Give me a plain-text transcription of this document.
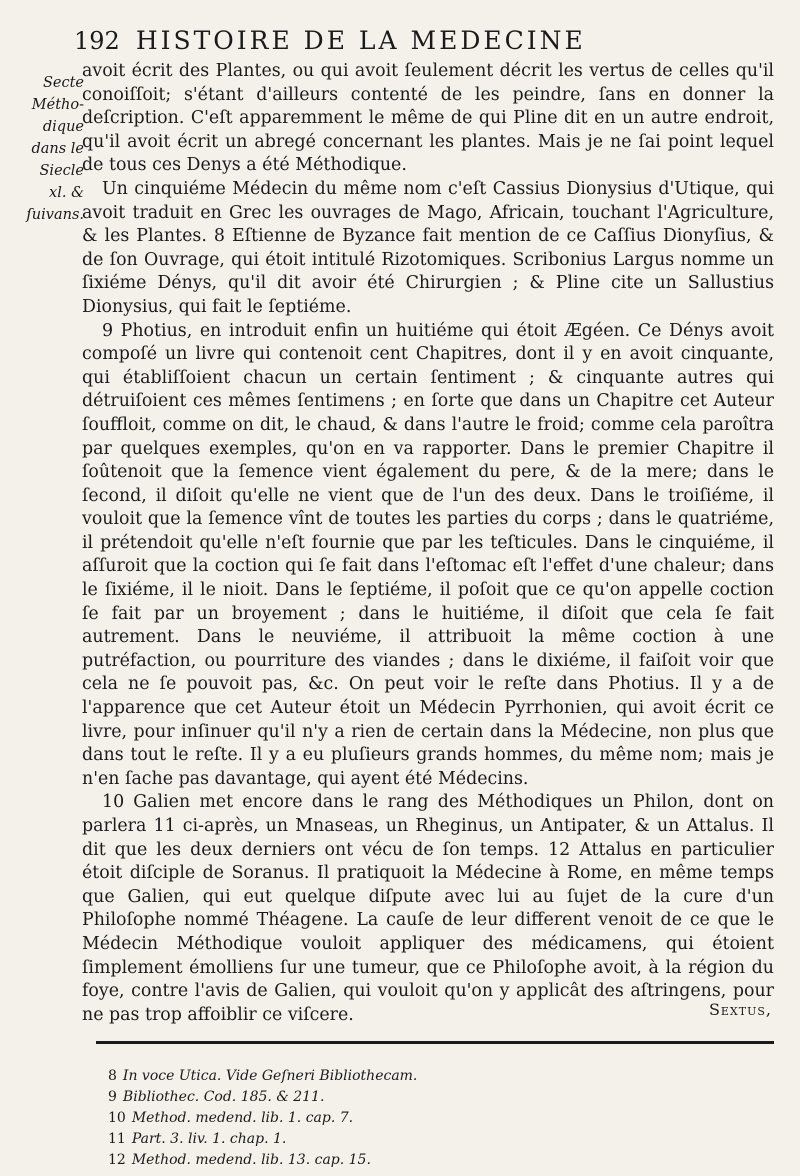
192 HISTOIRE DE LA MEDECINE
Secte
Métho-
dique
dans le
Siecle
xl. &
ſuivans.

avoit écrit des Plantes, ou qui avoit ſeulement décrit les vertus de celles qu'il conoiſſoit; s'étant d'ailleurs contenté de les peindre, ſans en donner la deſcription. C'eſt apparemment le même de qui Pline dit en un autre endroit, qu'il avoit écrit un abregé concernant les plantes. Mais je ne ſai point lequel de tous ces Denys a été Méthodique.

Un cinquiéme Médecin du même nom c'eſt Cassius Dionysius d'Utique, qui avoit traduit en Grec les ouvrages de Mago, Africain, touchant l'Agriculture, & les Plantes. 8 Eſtienne de Byzance fait mention de ce Caſſius Dionyſius, & de ſon Ouvrage, qui étoit intitulé Rizotomiques. Scribonius Largus nomme un ſixiéme Dénys, qu'il dit avoir été Chirurgien ; & Pline cite un Sallustius Dionysius, qui fait le ſeptiéme.

9 Photius, en introduit enfin un huitiéme qui étoit Ægéen. Ce Dénys avoit compoſé un livre qui contenoit cent Chapitres, dont il y en avoit cinquante, qui établiſſoient chacun un certain ſentiment ; & cinquante autres qui détruiſoient ces mêmes ſentimens ; en ſorte que dans un Chapitre cet Auteur ſouffloit, comme on dit, le chaud, & dans l'autre le froid; comme cela paroîtra par quelques exemples, qu'on en va rapporter. Dans le premier Chapitre il ſoûtenoit que la ſemence vient également du pere, & de la mere; dans le ſecond, il diſoit qu'elle ne vient que de l'un des deux. Dans le troiſiéme, il vouloit que la ſemence vînt de toutes les parties du corps ; dans le quatriéme, il prétendoit qu'elle n'eſt fournie que par les teſticules. Dans le cinquiéme, il aſſuroit que la coction qui ſe fait dans l'eſtomac eſt l'effet d'une chaleur; dans le ſixiéme, il le nioit. Dans le ſeptiéme, il poſoit que ce qu'on appelle coction ſe fait par un broyement ; dans le huitiéme, il diſoit que cela ſe fait autrement. Dans le neuviéme, il attribuoit la même coction à une putréfaction, ou pourriture des viandes ; dans le dixiéme, il faiſoit voir que cela ne ſe pouvoit pas, &c. On peut voir le reſte dans Photius. Il y a de l'apparence que cet Auteur étoit un Médecin Pyrrhonien, qui avoit écrit ce livre, pour inſinuer qu'il n'y a rien de certain dans la Médecine, non plus que dans tout le reſte. Il y a eu pluſieurs grands hommes, du même nom; mais je n'en ſache pas davantage, qui ayent été Médecins.

10 Galien met encore dans le rang des Méthodiques un Philon, dont on parlera 11 ci-après, un Mnaseas, un Rheginus, un Antipater, & un Attalus. Il dit que les deux derniers ont vécu de ſon temps. 12 Attalus en particulier étoit diſciple de Soranus. Il pratiquoit la Médecine à Rome, en même temps que Galien, qui eut quelque diſpute avec lui au ſujet de la cure d'un Philoſophe nommé Théagene. La cauſe de leur different venoit de ce que le Médecin Méthodique vouloit appliquer des médicamens, qui étoient ſimplement émolliens ſur une tumeur, que ce Philoſophe avoit, à la région du foye, contre l'avis de Galien, qui vouloit qu'on y applicât des aſtringens, pour ne pas trop affoiblir ce viſcere.	Sextus,
8 In voce Utica. Vide Geſneri Bibliothecam.
9 Bibliothec. Cod. 185. & 211.
10 Method. medend. lib. 1. cap. 7.
11 Part. 3. liv. 1. chap. 1.
12 Method. medend. lib. 13. cap. 15.
